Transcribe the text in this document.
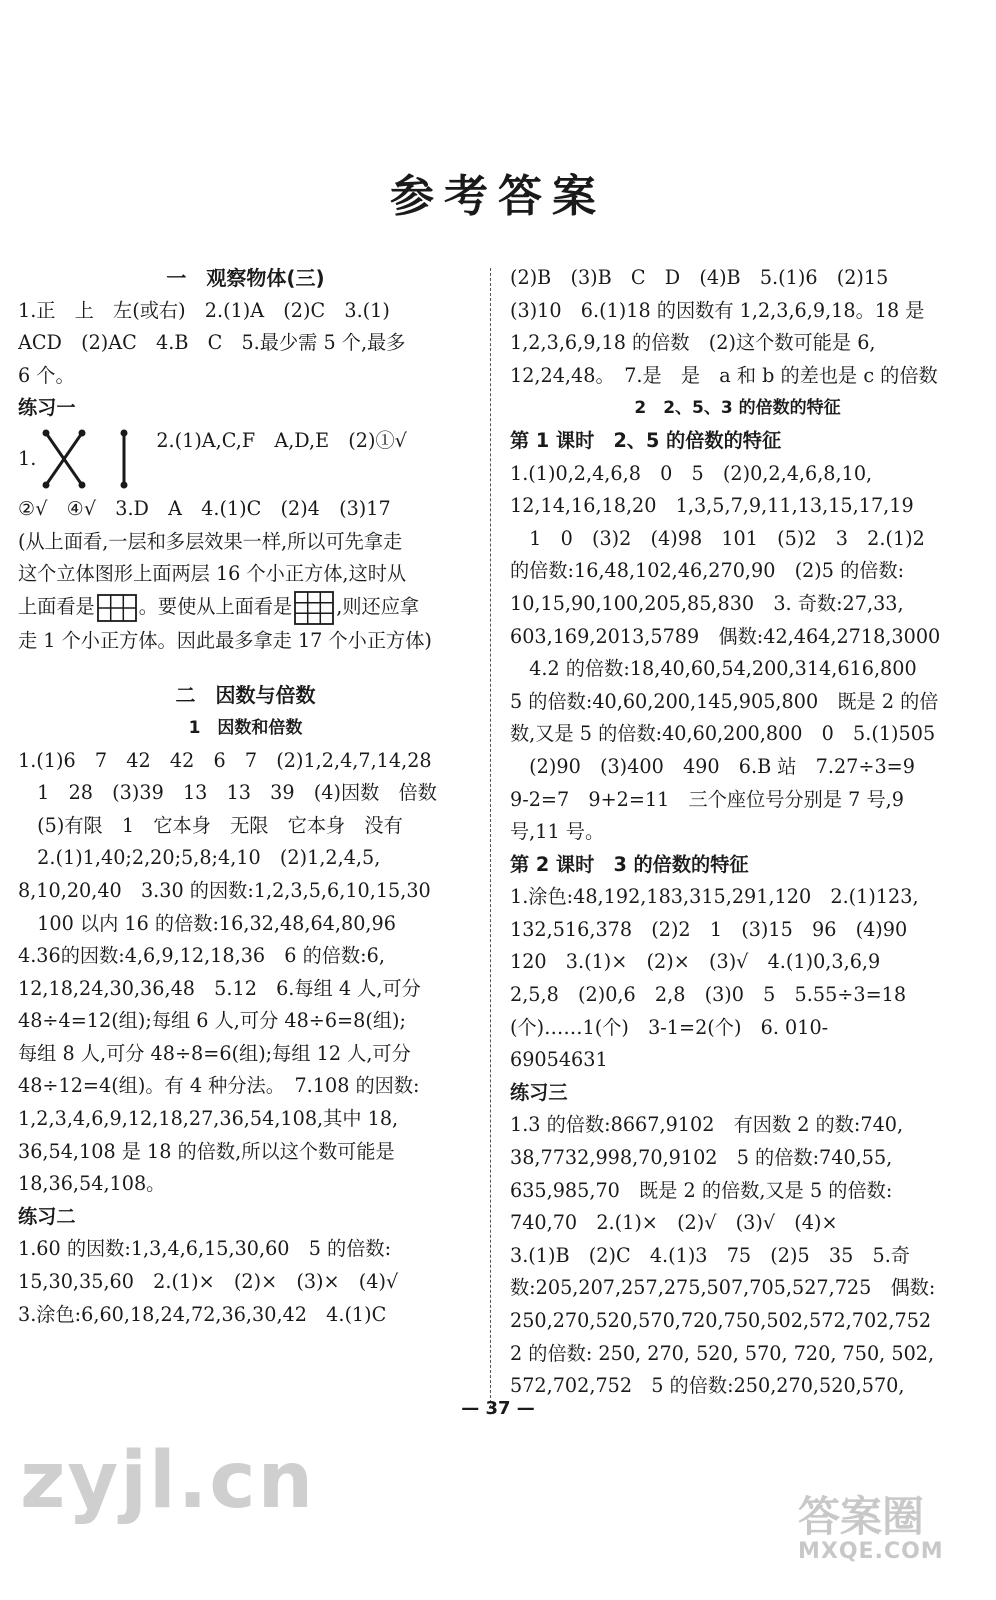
参考答案
一　观察物体(三)
1.正　上　左(或右)　2.(1)A　(2)C　3.(1)
ACD　(2)AC　4.B　C　5.最少需 5 个,最多
6 个。
练习一
1.
2.(1)A,C,F　A,D,E　(2)①√
②√　④√　3.D　A　4.(1)C　(2)4　(3)17
(从上面看,一层和多层效果一样,所以可先拿走
这个立体图形上面两层 16 个小正方体,这时从
上面看是 。要使从上面看是 ,则还应拿
走 1 个小正方体。因此最多拿走 17 个小正方体)
二　因数与倍数
1　因数和倍数
1.(1)6　7　42　42　6　7　(2)1,2,4,7,14,28
　1　28　(3)39　13　13　39　(4)因数　倍数
　(5)有限　1　它本身　无限　它本身　没有
　2.(1)1,40;2,20;5,8;4,10　(2)1,2,4,5,
8,10,20,40　3.30 的因数:1,2,3,5,6,10,15,30
　100 以内 16 的倍数:16,32,48,64,80,96
4.36的因数:4,6,9,12,18,36　6 的倍数:6,
12,18,24,30,36,48　5.12　6.每组 4 人,可分
48÷4=12(组);每组 6 人,可分 48÷6=8(组);
每组 8 人,可分 48÷8=6(组);每组 12 人,可分
48÷12=4(组)。有 4 种分法。　7.108 的因数:
1,2,3,4,6,9,12,18,27,36,54,108,其中 18,
36,54,108 是 18 的倍数,所以这个数可能是
18,36,54,108。
练习二
1.60 的因数:1,3,4,6,15,30,60　5 的倍数:
15,30,35,60　2.(1)×　(2)×　(3)×　(4)√
3.涂色:6,60,18,24,72,36,30,42　4.(1)C
(2)B　(3)B　C　D　(4)B　5.(1)6　(2)15
(3)10　6.(1)18 的因数有 1,2,3,6,9,18。18 是
1,2,3,6,9,18 的倍数　(2)这个数可能是 6,
12,24,48。　7.是　是　a 和 b 的差也是 c 的倍数
2　2、5、3 的倍数的特征
第 1 课时　2、5 的倍数的特征
1.(1)0,2,4,6,8　0　5　(2)0,2,4,6,8,10,
12,14,16,18,20　1,3,5,7,9,11,13,15,17,19
　1　0　(3)2　(4)98　101　(5)2　3　2.(1)2
的倍数:16,48,102,46,270,90　(2)5 的倍数:
10,15,90,100,205,85,830　3. 奇数:27,33,
603,169,2013,5789　偶数:42,464,2718,3000
　4.2 的倍数:18,40,60,54,200,314,616,800
5 的倍数:40,60,200,145,905,800　既是 2 的倍
数,又是 5 的倍数:40,60,200,800　0　5.(1)505
　(2)90　(3)400　490　6.B 站　7.27÷3=9
9-2=7　9+2=11　三个座位号分别是 7 号,9
号,11 号。
第 2 课时　3 的倍数的特征
1.涂色:48,192,183,315,291,120　2.(1)123,
132,516,378　(2)2　1　(3)15　96　(4)90
120　3.(1)×　(2)×　(3)√　4.(1)0,3,6,9
2,5,8　(2)0,6　2,8　(3)0　5　5.55÷3=18
(个)……1(个)　3-1=2(个)　6. 010-
69054631
练习三
1.3 的倍数:8667,9102　有因数 2 的数:740,
38,7732,998,70,9102　5 的倍数:740,55,
635,985,70　既是 2 的倍数,又是 5 的倍数:
740,70　2.(1)×　(2)√　(3)√　(4)×
3.(1)B　(2)C　4.(1)3　75　(2)5　35　5.奇
数:205,207,257,275,507,705,527,725　偶数:
250,270,520,570,720,750,502,572,702,752
2 的倍数: 250, 270, 520, 570, 720, 750, 502,
572,702,752　5 的倍数:250,270,520,570,
— 37 —
zyjl.cn	答案圈
MXQE.COM
